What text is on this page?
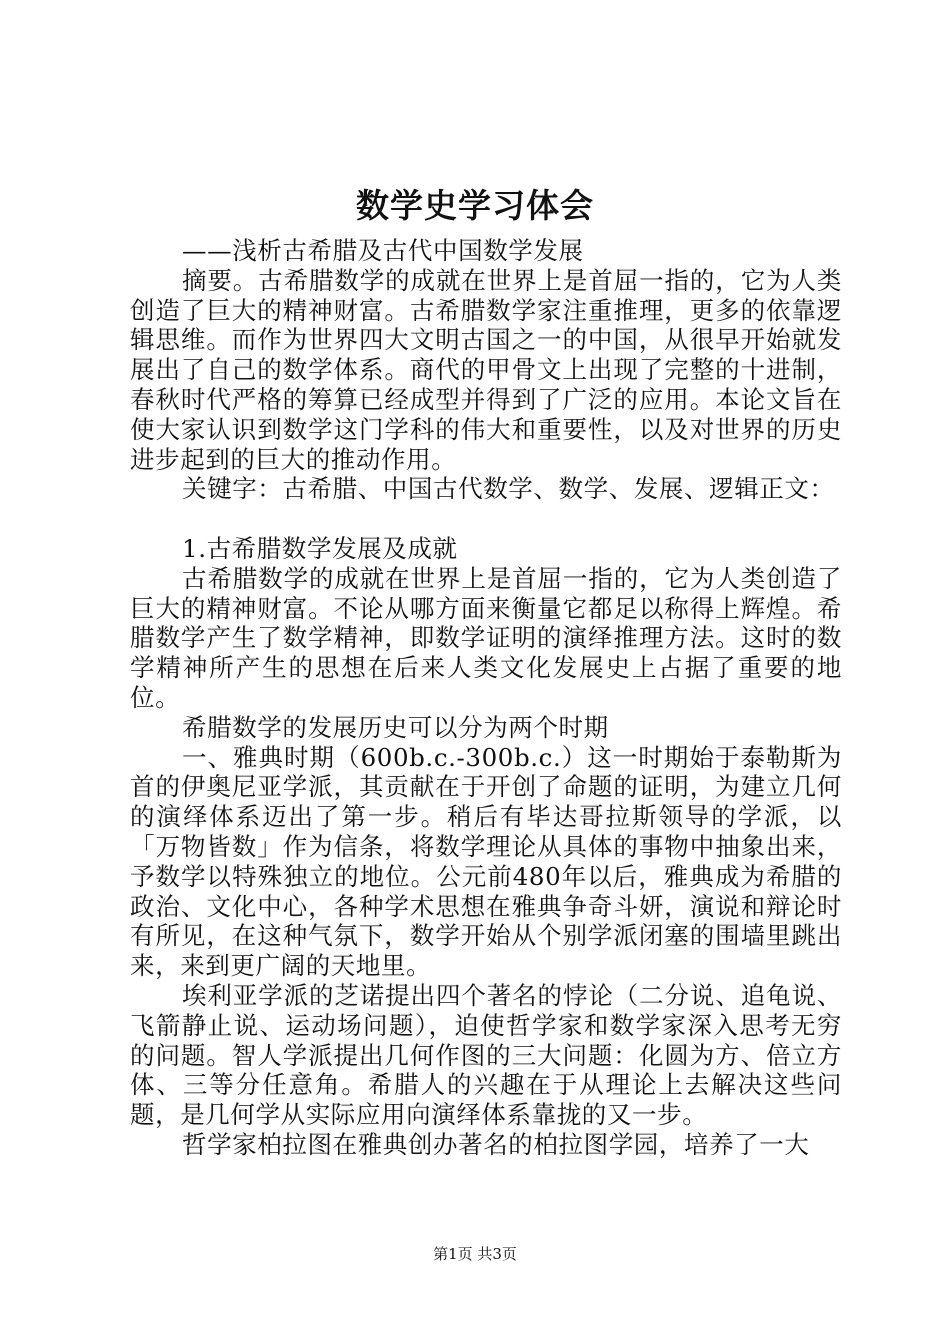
数学史学习体会

——浅析古希腊及古代中国数学发展

摘要。古希腊数学的成就在世界上是首屈一指的，它为人类创造了巨大的精神财富。古希腊数学家注重推理，更多的依靠逻辑思维。而作为世界四大文明古国之一的中国，从很早开始就发展出了自己的数学体系。商代的甲骨文上出现了完整的十进制，春秋时代严格的筹算已经成型并得到了广泛的应用。本论文旨在使大家认识到数学这门学科的伟大和重要性，以及对世界的历史进步起到的巨大的推动作用。

关键字：古希腊、中国古代数学、数学、发展、逻辑正文：

1.古希腊数学发展及成就

古希腊数学的成就在世界上是首屈一指的，它为人类创造了巨大的精神财富。不论从哪方面来衡量它都足以称得上辉煌。希腊数学产生了数学精神，即数学证明的演绎推理方法。这时的数学精神所产生的思想在后来人类文化发展史上占据了重要的地位。

希腊数学的发展历史可以分为两个时期

一、雅典时期（600b.c.-300b.c.）这一时期始于泰勒斯为首的伊奥尼亚学派，其贡献在于开创了命题的证明，为建立几何的演绎体系迈出了第一步。稍后有毕达哥拉斯领导的学派，以「万物皆数」作为信条，将数学理论从具体的事物中抽象出来，予数学以特殊独立的地位。公元前480年以后，雅典成为希腊的政治、文化中心，各种学术思想在雅典争奇斗妍，演说和辩论时有所见，在这种气氛下，数学开始从个别学派闭塞的围墙里跳出来，来到更广阔的天地里。

埃利亚学派的芝诺提出四个著名的悖论（二分说、追龟说、飞箭静止说、运动场问题），迫使哲学家和数学家深入思考无穷的问题。智人学派提出几何作图的三大问题：化圆为方、倍立方体、三等分任意角。希腊人的兴趣在于从理论上去解决这些问题，是几何学从实际应用向演绎体系靠拢的又一步。

哲学家柏拉图在雅典创办著名的柏拉图学园，培养了一大

第1页 共3页
